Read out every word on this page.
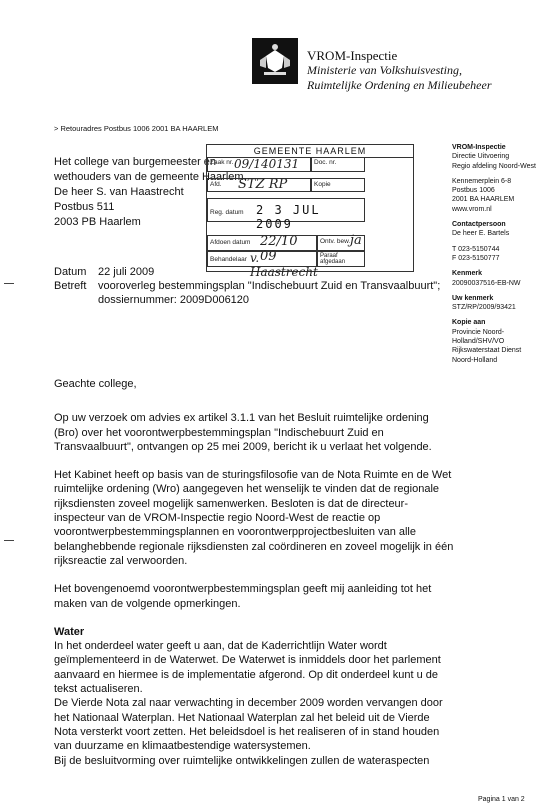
VROM-Inspectie
Ministerie van Volkshuisvesting,
Ruimtelijke Ordening en Milieubeheer
> Retouradres Postbus 1006 2001 BA HAARLEM
Het college van burgemeester en
wethouders van de gemeente Haarlem
De heer S. van Haastrecht
Postbus 511
2003 PB Haarlem
GEMEENTE HAARLEM
Zaak nr. 09/140131 Doc. nr.
Afd. STZ RP	Kopie
Reg. datum 2 3 JUL 2009
Afdoen datum 22/10 09
Ontv. bew. ja
Behandelaar v. Haastrecht
Paraaf afgedaan
VROM-Inspectie
Directie Uitvoering
Regio afdeling Noord-West
Kennemerplein 6-8
Postbus 1006
2001 BA HAARLEM
www.vrom.nl
Contactpersoon
De heer E. Bartels
T 023-5150744
F 023-5150777
Kenmerk
20090037516-EB-NW
Uw kenmerk
STZ/RP/2009/93421
Kopie aan
Provincie Noord-
Holland/SHV/VO
Rijkswaterstaat Dienst
Noord-Holland
Datum 22 juli 2009
Betreft vooroverleg bestemmingsplan "Indischebuurt Zuid en Transvaalbuurt";
dossiernummer: 2009D006120

Geachte college,

Op uw verzoek om advies ex artikel 3.1.1 van het Besluit ruimtelijke ordening (Bro) over het voorontwerpbestemmingsplan "Indischebuurt Zuid en Transvaalbuurt", ontvangen op 25 mei 2009, bericht ik u verlaat het volgende.

Het Kabinet heeft op basis van de sturingsfilosofie van de Nota Ruimte en de Wet ruimtelijke ordening (Wro) aangegeven het wenselijk te vinden dat de regionale rijksdiensten zoveel mogelijk samenwerken. Besloten is dat de directeur-inspecteur van de VROM-Inspectie regio Noord-West de reactie op voorontwerpbestemmingsplannen en voorontwerpprojectbesluiten van alle belanghebbende regionale rijksdiensten zal coördineren en zoveel mogelijk in één rijksreactie zal verwoorden.

Het bovengenoemd voorontwerpbestemmingsplan geeft mij aanleiding tot het maken van de volgende opmerkingen.

Water
In het onderdeel water geeft u aan, dat de Kaderrichtlijn Water wordt geïmplementeerd in de Waterwet. De Waterwet is inmiddels door het parlement aanvaard en hiermee is de implementatie afgerond. Op dit onderdeel kunt u de tekst actualiseren.
De Vierde Nota zal naar verwachting in december 2009 worden vervangen door het Nationaal Waterplan. Het Nationaal Waterplan zal het beleid uit de Vierde Nota versterkt voort zetten. Het beleidsdoel is het realiseren of in stand houden van duurzame en klimaatbestendige watersystemen.
Bij de besluitvorming over ruimtelijke ontwikkelingen zullen de wateraspecten
Pagina 1 van 2
